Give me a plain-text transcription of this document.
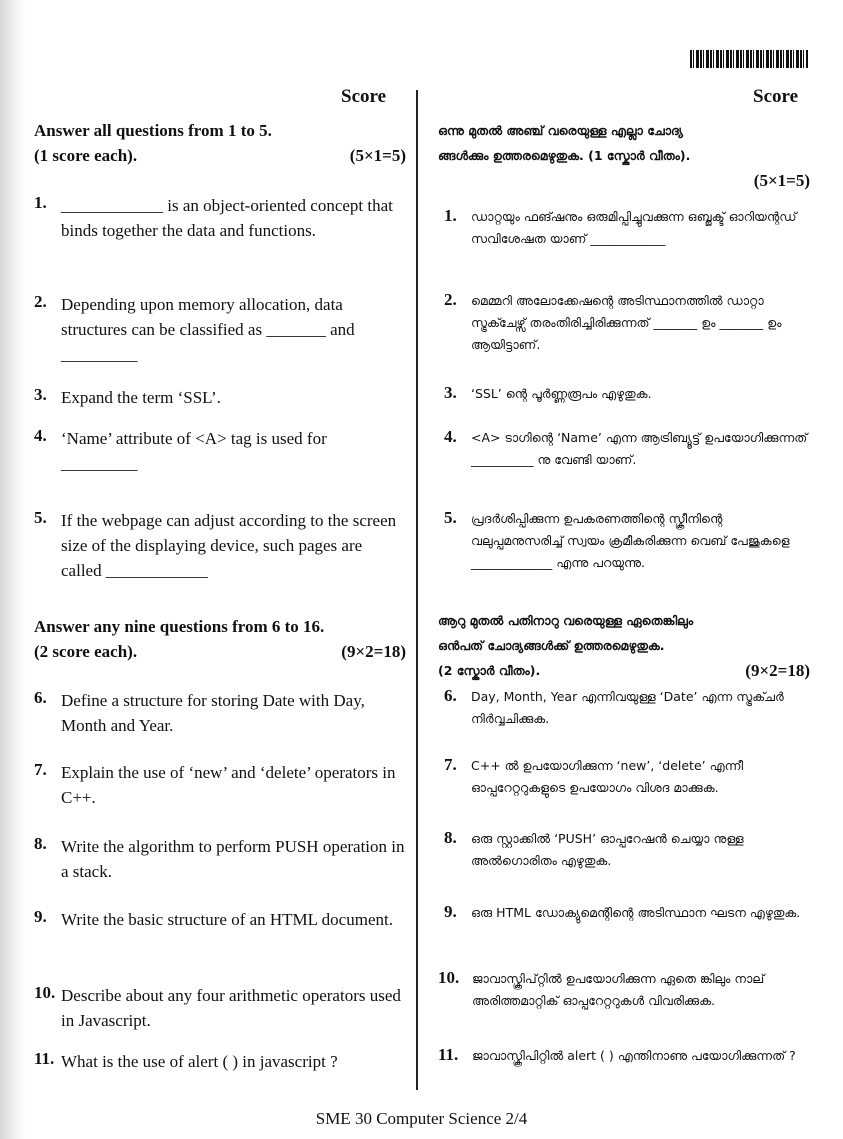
Score	Score
Answer all questions from 1 to 5.
(1 score each).	(5×1=5)
1. ____________ is an object-oriented concept that binds together the data and functions.
2. Depending upon memory allocation, data structures can be classified as _______ and _________
3. Expand the term ‘SSL’.
4. ‘Name’ attribute of <A> tag is used for _________
5. If the webpage can adjust according to the screen size of the displaying device, such pages are called ____________
Answer any nine questions from 6 to 16.
(2 score each).	(9×2=18)
6. Define a structure for storing Date with Day, Month and Year.
7. Explain the use of ‘new’ and ‘delete’ operators in C++.
8. Write the algorithm to perform PUSH operation in a stack.
9. Write the basic structure of an HTML document.
10. Describe about any four arithmetic operators used in Javascript.
11. What is the use of alert ( ) in javascript ?
ഒന്നു മുതൽ അഞ്ച് വരെയുള്ള എല്ലാ ചോദ്യ
ങ്ങൾക്കും ഉത്തരമെഴുതുക. (1 സ്കോർ വീതം).
(5×1=5)
1.	ഡാറ്റയും ഫങ്ഷനും ഒരുമിപ്പിച്ചുവക്കുന്ന ഒബ്ജക്ട് ഓറിയന്റഡ് സവിശേഷത യാണ് ____________
2.	മെമ്മറി അലോക്കേഷന്റെ അടിസ്ഥാനത്തിൽ ഡാറ്റാ സ്ട്രക്ചേഴ്സ് തരംതിരിച്ചിരിക്കുന്നത് _______ ഉം _______ ഉം ആയിട്ടാണ്.
3.	‘SSL’ ന്റെ പൂർണ്ണരൂപം എഴുതുക.
4.	<A> ടാഗിന്റെ ‘Name’ എന്ന ആട്രിബ്യൂട്ട് ഉപയോഗിക്കുന്നത് __________ നു വേണ്ടി യാണ്.
5.	പ്രദർശിപ്പിക്കുന്ന ഉപകരണത്തിന്റെ സ്ക്രീനിന്റെ വലുപ്പമനുസരിച്ച് സ്വയം ക്രമീകരിക്കുന്ന വെബ് പേജുകളെ _____________ എന്നു പറയുന്നു.
ആറു മുതൽ പതിനാറു വരെയുള്ള ഏതെങ്കിലും
ഒൻപത് ചോദ്യങ്ങൾക്ക് ഉത്തരമെഴുതുക.
(2 സ്കോർ വീതം).	(9×2=18)
6.	Day, Month, Year എന്നിവയുള്ള ‘Date’ എന്ന സ്ട്രക്ചർ നിർവ്വചിക്കുക.
7.	C++ ൽ ഉപയോഗിക്കുന്ന ‘new’, ‘delete’ എന്നീ ഓപ്പറേറ്ററുകളുടെ ഉപയോഗം വിശദ മാക്കുക.
8.	ഒരു സ്റ്റാക്കിൽ ‘PUSH’ ഓപ്പറേഷൻ ചെയ്യാ നുള്ള അൽഗൊരിതം എഴുതുക.
9.	ഒരു HTML ഡോക്യുമെന്റിന്റെ അടിസ്ഥാന ഘടന എഴുതുക.
10.	ജാവാസ്ക്രിപ്റ്റിൽ ഉപയോഗിക്കുന്ന ഏതെ ങ്കിലും നാല് അരിത്തമാറ്റിക് ഓപ്പറേറ്ററുകൾ വിവരിക്കുക.
11.	ജാവാസ്ക്രിപിറ്റിൽ alert ( ) എന്തിനാണു പയോഗിക്കുന്നത് ?
SME 30 Computer Science 2/4
